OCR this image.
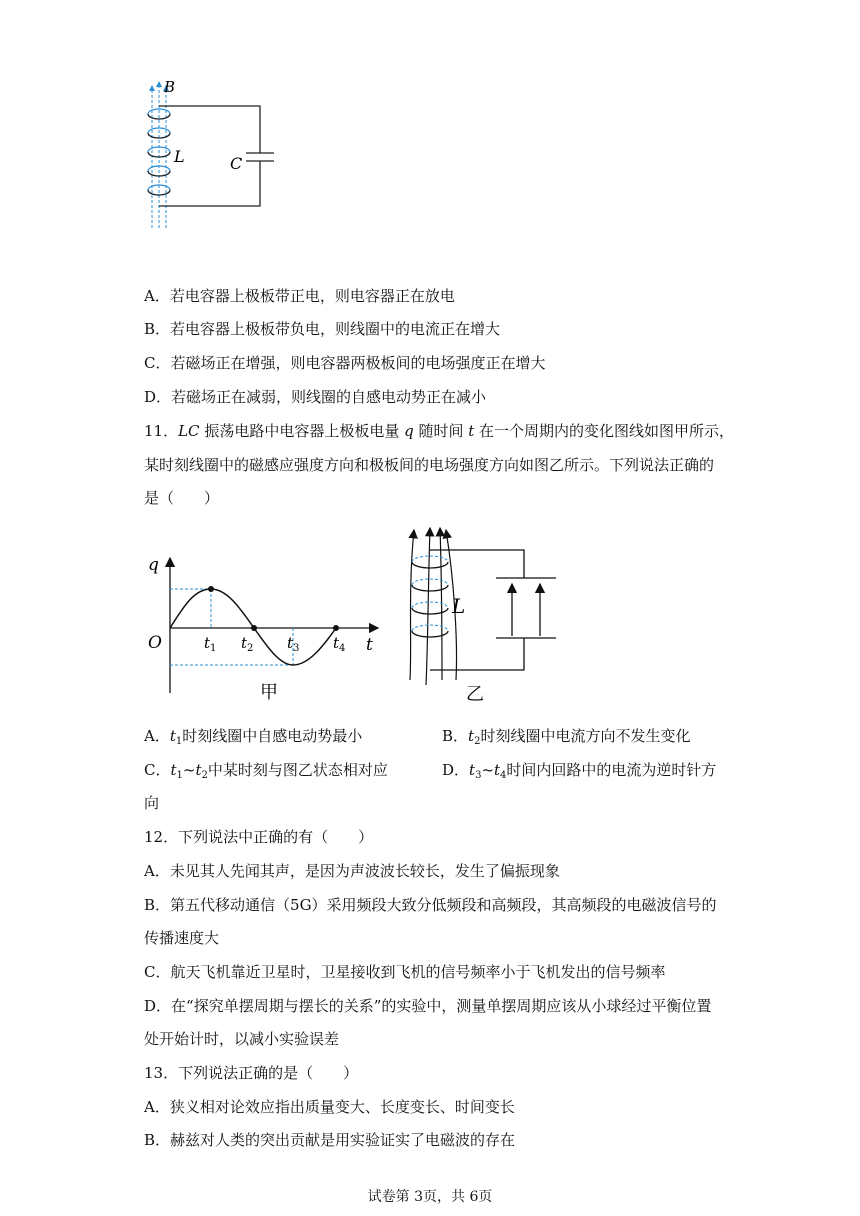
B
L	C
A．若电容器上极板带正电，则电容器正在放电
B．若电容器上极板带负电，则线圈中的电流正在增大
C．若磁场正在增强，则电容器两极板间的电场强度正在增大
D．若磁场正在减弱，则线圈的自感电动势正在减小
11．LC 振荡电路中电容器上极板电量 q 随时间 t 在一个周期内的变化图线如图甲所示，
某时刻线圈中的磁感应强度方向和极板间的电场强度方向如图乙所示。下列说法正确的
是（　　）
q
O	t
$t_1$ $t_2$ $t_3$ $t_4$
甲
L
乙
A．$t_1$时刻线圈中自感电动势最小	B．$t_2$时刻线圈中电流方向不发生变化
C．$t_1\sim t_2$中某时刻与图乙状态相对应	D．$t_3\sim t_4$时间内回路中的电流为逆时针方
向
12．下列说法中正确的有（　　）
A．未见其人先闻其声，是因为声波波长较长，发生了偏振现象
B．第五代移动通信（5G）采用频段大致分低频段和高频段，其高频段的电磁波信号的
传播速度大
C．航天飞机靠近卫星时，卫星接收到飞机的信号频率小于飞机发出的信号频率
D．在“探究单摆周期与摆长的关系”的实验中，测量单摆周期应该从小球经过平衡位置
处开始计时，以减小实验误差
13．下列说法正确的是（　　）
A．狭义相对论效应指出质量变大、长度变长、时间变长
B．赫兹对人类的突出贡献是用实验证实了电磁波的存在
试卷第 3页，共 6页
